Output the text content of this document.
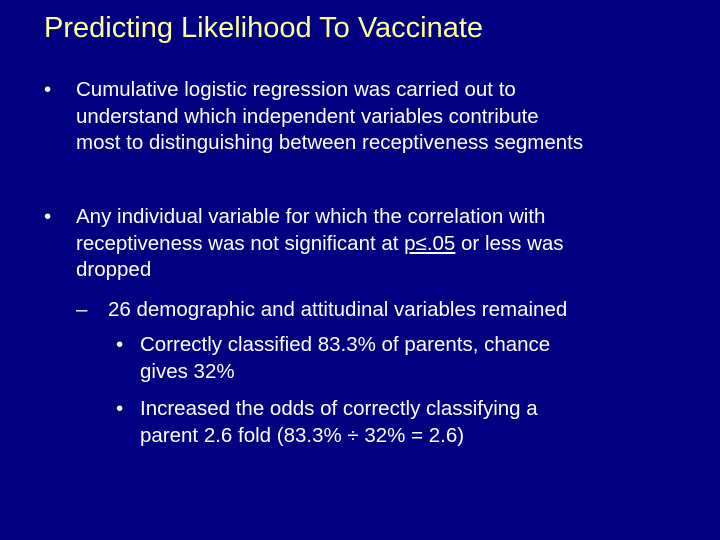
Predicting Likelihood To Vaccinate
• Cumulative logistic regression was carried out to
understand which independent variables contribute
most to distinguishing between receptiveness segments
• Any individual variable for which the correlation with
receptiveness was not significant at p≤.05 or less was
dropped
– 26 demographic and attitudinal variables remained
• Correctly classified 83.3% of parents, chance
gives 32%
• Increased the odds of correctly classifying a
parent 2.6 fold (83.3% ÷ 32% = 2.6)
